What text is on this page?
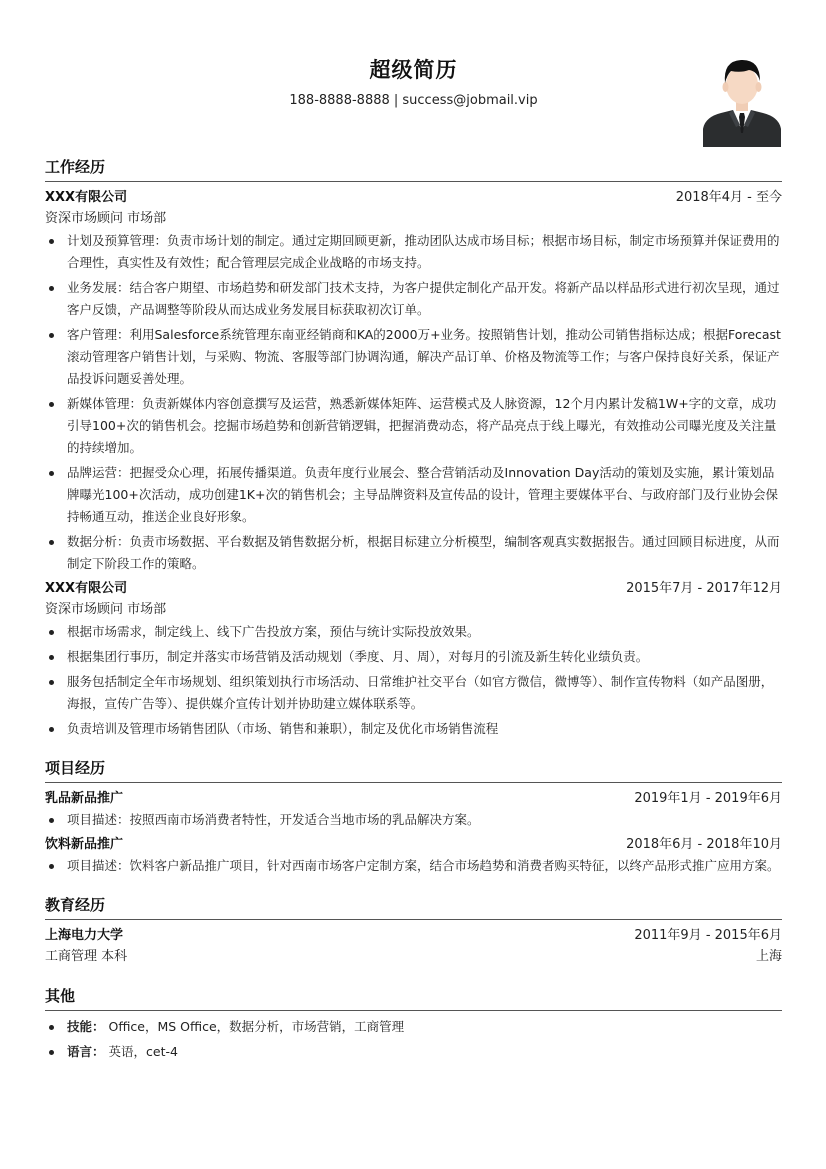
超级简历
188-8888-8888 | success@jobmail.vip
工作经历
XXX有限公司	2018年4月 - 至今
资深市场顾问 市场部
计划及预算管理：负责市场计划的制定。通过定期回顾更新，推动团队达成市场目标；根据市场目标，制定市场预算并保证费用的合理性，真实性及有效性；配合管理层完成企业战略的市场支持。
业务发展：结合客户期望、市场趋势和研发部门技术支持，为客户提供定制化产品开发。将新产品以样品形式进行初次呈现，通过客户反馈，产品调整等阶段从而达成业务发展目标获取初次订单。
客户管理：利用Salesforce系统管理东南亚经销商和KA的2000万+业务。按照销售计划，推动公司销售指标达成；根据Forecast滚动管理客户销售计划，与采购、物流、客服等部门协调沟通，解决产品订单、价格及物流等工作；与客户保持良好关系，保证产品投诉问题妥善处理。
新媒体管理：负责新媒体内容创意撰写及运营，熟悉新媒体矩阵、运营模式及人脉资源，12个月内累计发稿1W+字的文章，成功引导100+次的销售机会。挖掘市场趋势和创新营销逻辑，把握消费动态，将产品亮点于线上曝光，有效推动公司曝光度及关注量的持续增加。
品牌运营：把握受众心理，拓展传播渠道。负责年度行业展会、整合营销活动及Innovation Day活动的策划及实施，累计策划品牌曝光100+次活动，成功创建1K+次的销售机会；主导品牌资料及宣传品的设计，管理主要媒体平台、与政府部门及行业协会保持畅通互动，推送企业良好形象。
数据分析：负责市场数据、平台数据及销售数据分析，根据目标建立分析模型，编制客观真实数据报告。通过回顾目标进度，从而制定下阶段工作的策略。
XXX有限公司	2015年7月 - 2017年12月
资深市场顾问 市场部
根据市场需求，制定线上、线下广告投放方案，预估与统计实际投放效果。
根据集团行事历，制定并落实市场营销及活动规划（季度、月、周），对每月的引流及新生转化业绩负责。
服务包括制定全年市场规划、组织策划执行市场活动、日常维护社交平台（如官方微信，微博等）、制作宣传物料（如产品图册，海报，宣传广告等）、提供媒介宣传计划并协助建立媒体联系等。
负责培训及管理市场销售团队（市场、销售和兼职），制定及优化市场销售流程
项目经历
乳品新品推广	2019年1月 - 2019年6月
项目描述：按照西南市场消费者特性，开发适合当地市场的乳品解决方案。
饮料新品推广	2018年6月 - 2018年10月
项目描述：饮料客户新品推广项目，针对西南市场客户定制方案，结合市场趋势和消费者购买特征，以终产品形式推广应用方案。
教育经历
上海电力大学	2011年9月 - 2015年6月
工商管理 本科	上海
其他
技能： Office，MS Office，数据分析，市场营销，工商管理
语言： 英语，cet-4
